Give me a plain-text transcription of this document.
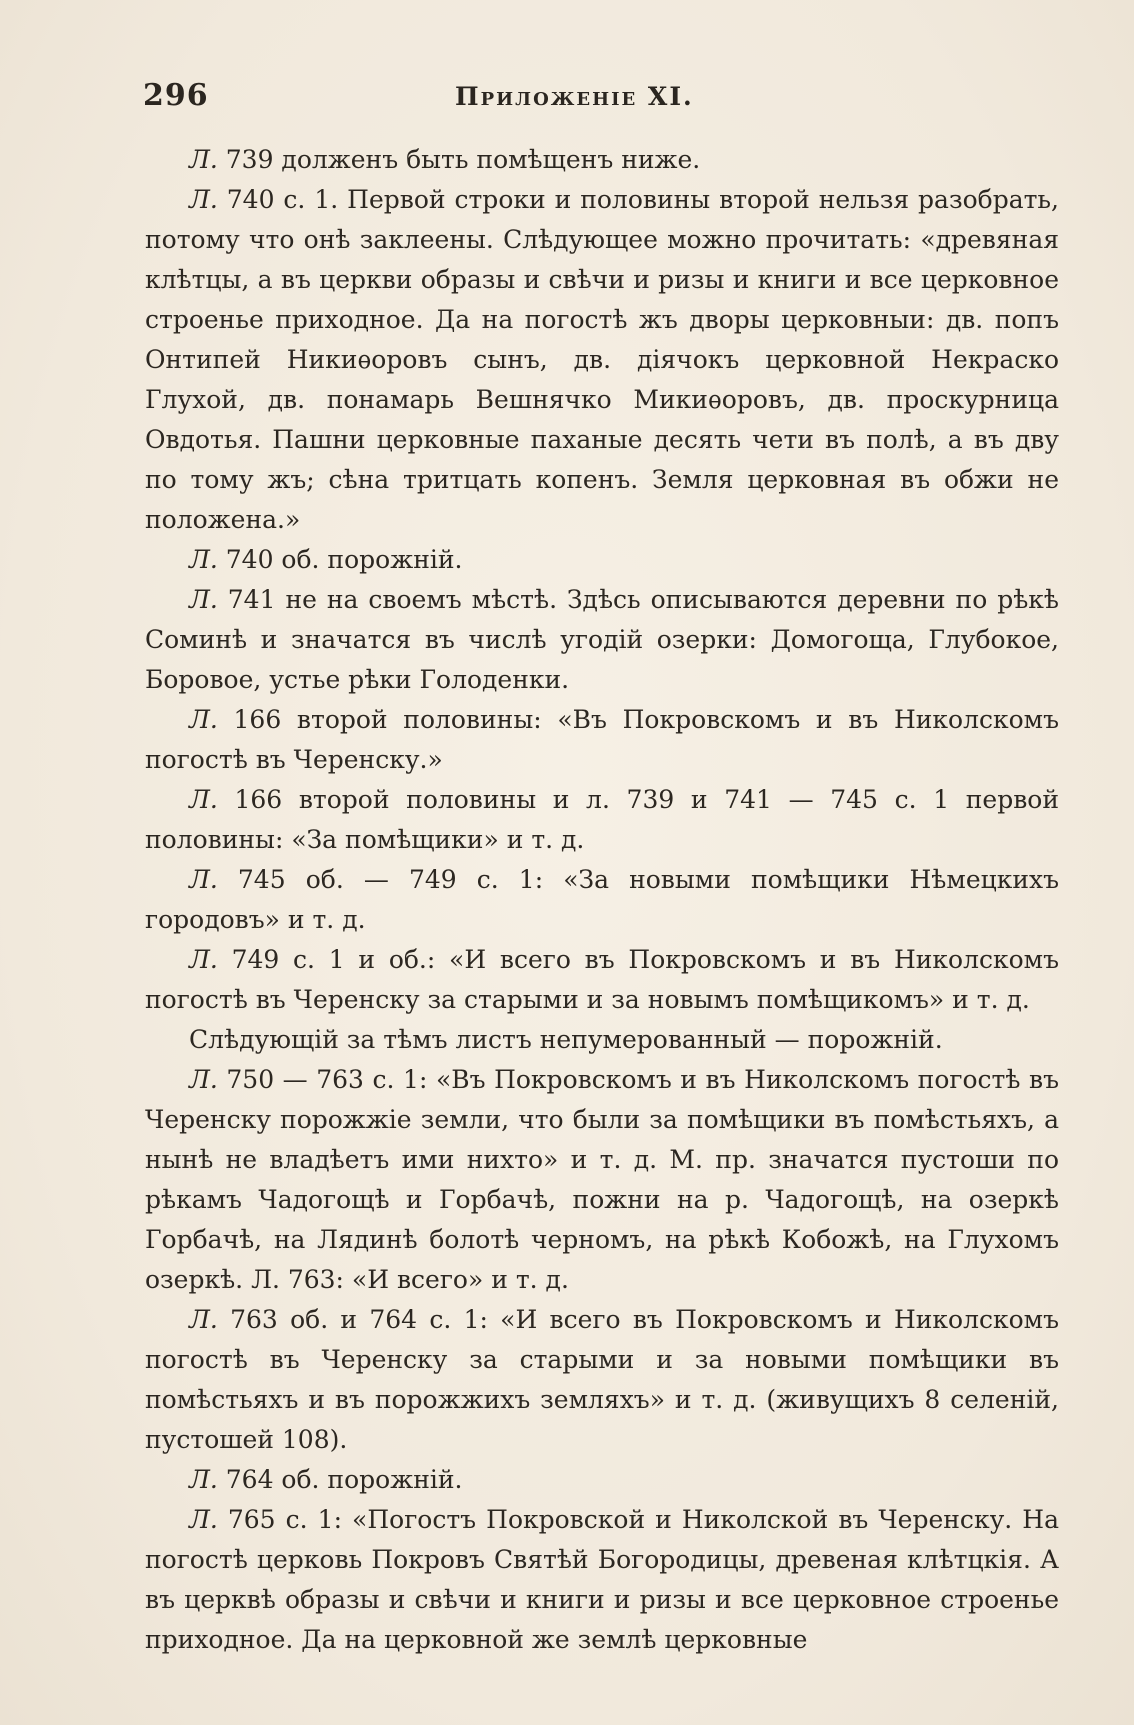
296	Приложеніе XI.

Л. 739 долженъ быть помѣщенъ ниже.

Л. 740 с. 1. Первой строки и половины второй нельзя разобрать, потому что онѣ заклеены. Слѣдующее можно прочитать: «древяная клѣтцы, а въ церкви образы и свѣчи и ризы и книги и все церковное строенье приходное. Да на погостѣ жъ дворы церковныи: дв. попъ Онтипей Никиѳоровъ сынъ, дв. діячокъ церковной Некраско Глухой, дв. понамарь Вешнячко Микиѳоровъ, дв. проскурница Овдотья. Пашни церковные паханые десять чети въ полѣ, а въ дву по тому жъ; сѣна тритцать копенъ. Земля церковная въ обжи не положена.»

Л. 740 об. порожній.

Л. 741 не на своемъ мѣстѣ. Здѣсь описываются деревни по рѣкѣ Соминѣ и значатся въ числѣ угодій озерки: Домогоща, Глубокое, Боровое, устье рѣки Голоденки.

Л. 166 второй половины: «Въ Покровскомъ и въ Николскомъ погостѣ въ Черенску.»

Л. 166 второй половины и л. 739 и 741 — 745 с. 1 первой половины: «За помѣщики» и т. д.

Л. 745 об. — 749 с. 1: «За новыми помѣщики Нѣмецкихъ городовъ» и т. д.

Л. 749 с. 1 и об.: «И всего въ Покровскомъ и въ Николскомъ погостѣ въ Черенску за старыми и за новымъ помѣщикомъ» и т. д.

Слѣдующій за тѣмъ листъ непумерованный — порожній.

Л. 750 — 763 с. 1: «Въ Покровскомъ и въ Николскомъ погостѣ въ Черенску порожжіе земли, что были за помѣщики въ помѣстьяхъ, а нынѣ не владѣетъ ими нихто» и т. д. М. пр. значатся пустоши по рѣкамъ Чадогощѣ и Горбачѣ, пожни на р. Чадогощѣ, на озеркѣ Горбачѣ, на Лядинѣ болотѣ черномъ, на рѣкѣ Кобожѣ, на Глухомъ озеркѣ. Л. 763: «И всего» и т. д.

Л. 763 об. и 764 с. 1: «И всего въ Покровскомъ и Николскомъ погостѣ въ Черенску за старыми и за новыми помѣщики въ помѣстьяхъ и въ порожжихъ земляхъ» и т. д. (живущихъ 8 селеній, пустошей 108).

Л. 764 об. порожній.

Л. 765 с. 1: «Погостъ Покровской и Николской въ Черенску. На погостѣ церковь Покровъ Святѣй Богородицы, древеная клѣтцкія. А въ церквѣ образы и свѣчи и книги и ризы и все церковное строенье приходное. Да на церковной же землѣ церковные
